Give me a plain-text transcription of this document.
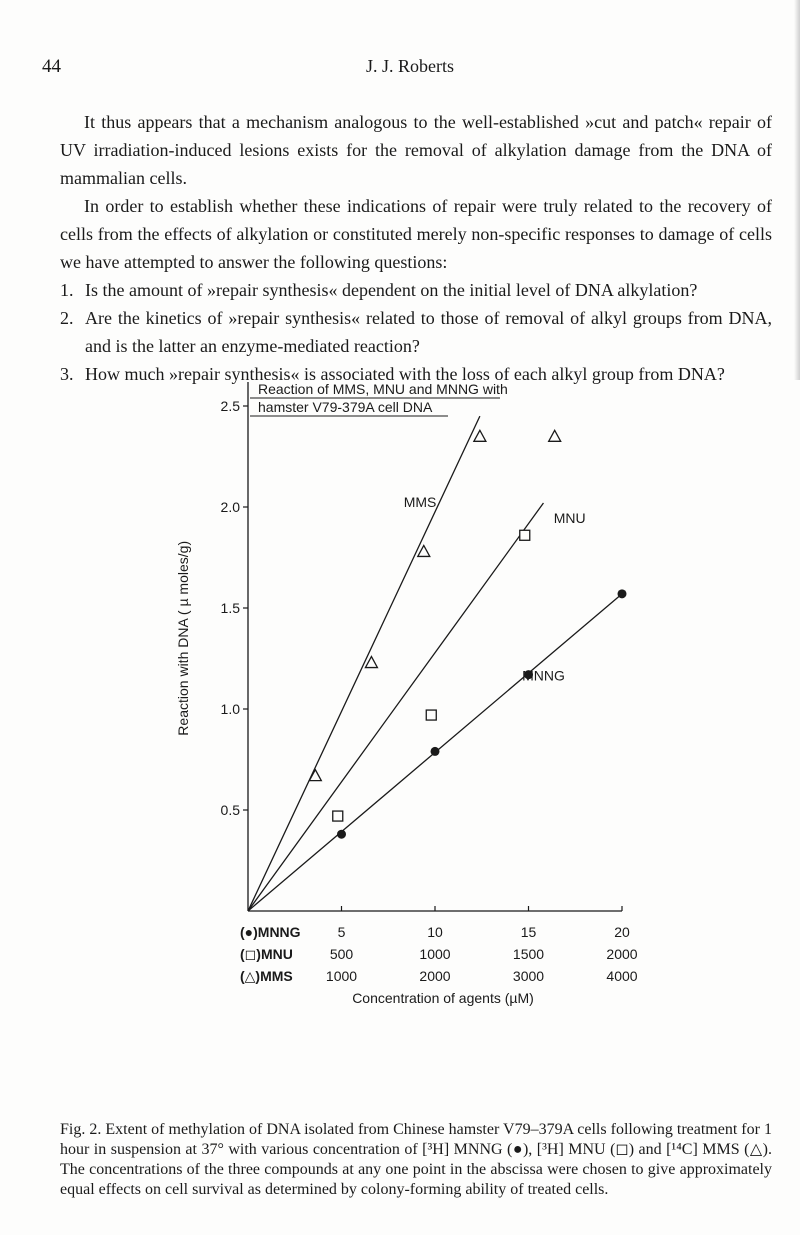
44	J. J. Roberts

It thus appears that a mechanism analogous to the well-established »cut and patch« repair of UV irradiation-induced lesions exists for the removal of alkylation damage from the DNA of mammalian cells.

In order to establish whether these indications of repair were truly related to the recovery of cells from the effects of alkylation or constituted merely non-specific responses to damage of cells we have attempted to answer the following questions:

1. Is the amount of »repair synthesis« dependent on the initial level of DNA alkylation?
2. Are the kinetics of »repair synthesis« related to those of removal of alkyl groups from DNA, and is the latter an enzyme-mediated reaction?
3. How much »repair synthesis« is associated with the loss of each alkyl group from DNA?
Reaction of MMS, MNU and MNNG with
hamster V79-379A cell DNA
0.5
1.0
1.5
2.0
2.5
Reaction with DNA ( µ moles/g)
(●)MNNG	5	10	15	20
(◻)MNU	500	1000	1500	2000
(△)MMS 1000	2000	3000	4000
Concentration of agents (µM)
MMS
MNU
MNNG
Fig. 2. Extent of methylation of DNA isolated from Chinese hamster V79–379A cells following treatment for 1 hour in suspension at 37° with various concentration of [³H] MNNG (●), [³H] MNU (◻) and [¹⁴C] MMS (△). The concentrations of the three compounds at any one point in the abscissa were chosen to give approximately equal effects on cell survival as determined by colony-forming ability of treated cells.
